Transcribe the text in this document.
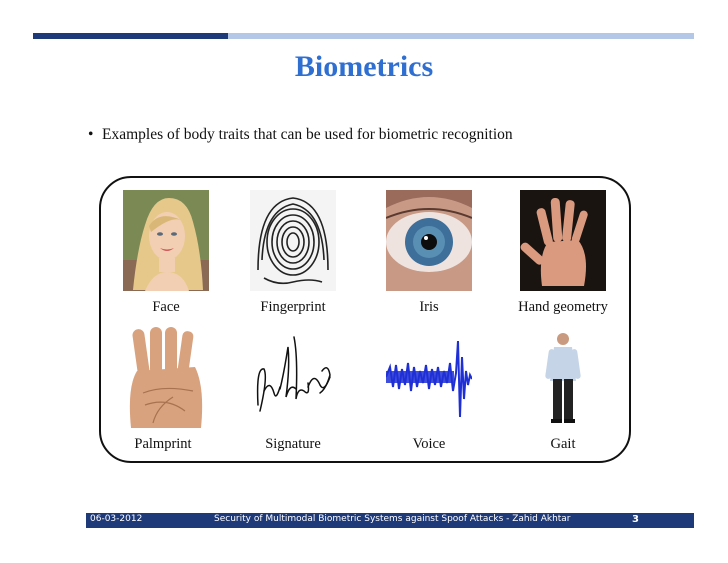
Biometrics
• Examples of body traits that can be used for biometric recognition
Face	Fingerprint	Iris	Hand geometry
Palmprint	Signature	Voice	Gait
06-03-2012	Security of Multimodal Biometric Systems against Spoof Attacks - Zahid Akhtar	3
